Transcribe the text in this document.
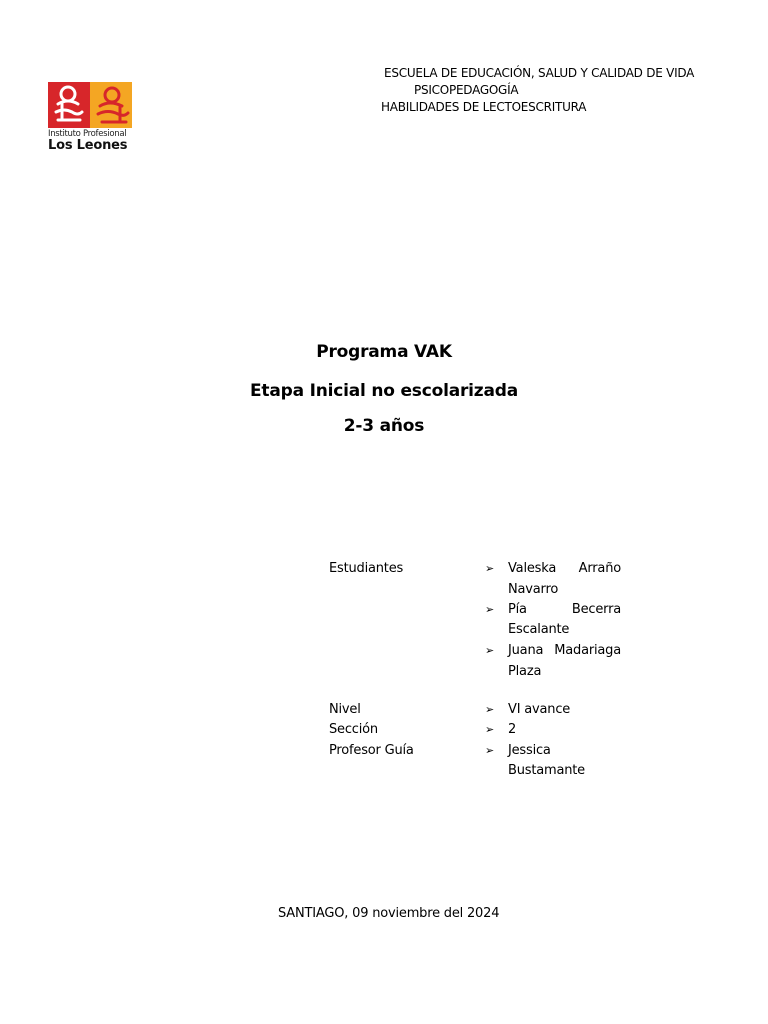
Instituto Profesional
Los Leones
ESCUELA DE EDUCACIÓN, SALUD Y CALIDAD DE VIDA
PSICOPEDAGOGÍA
HABILIDADES DE LECTOESCRITURA
Programa VAK
Etapa Inicial no escolarizada
2-3 años
Estudiantes	➢ Valeska Arraño
Navarro
➢ Pía	Becerra
Escalante
➢ Juana Madariaga
Plaza
Nivel
Sección
Profesor Guía
➢ VI avance
➢ 2
➢ Jessica
Bustamante
SANTIAGO, 09 noviembre del 2024
